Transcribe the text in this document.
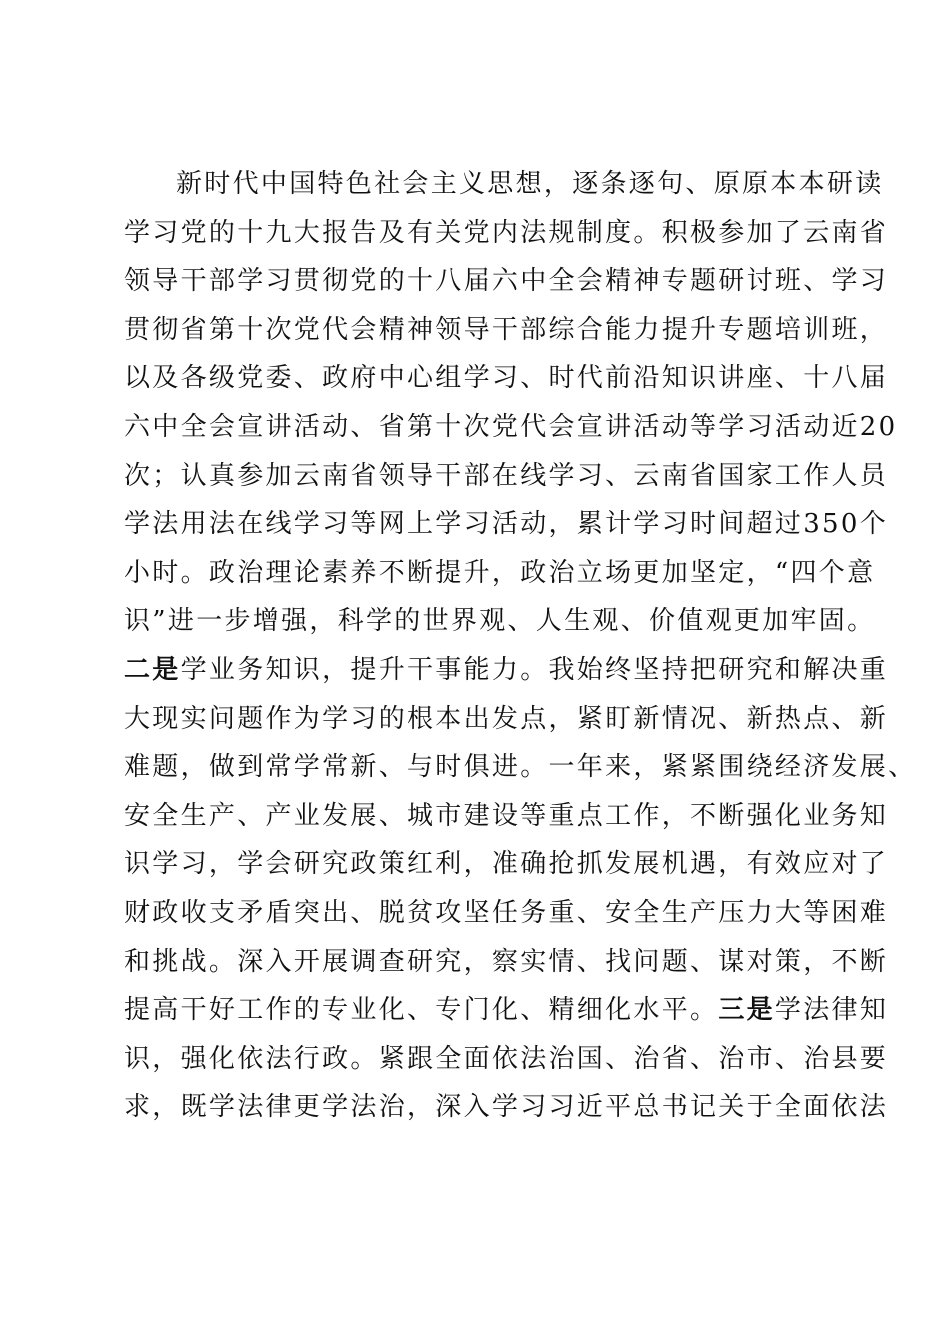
新时代中国特色社会主义思想，逐条逐句、原原本本研读
学习党的十九大报告及有关党内法规制度。积极参加了云南省
领导干部学习贯彻党的十八届六中全会精神专题研讨班、学习
贯彻省第十次党代会精神领导干部综合能力提升专题培训班，
以及各级党委、政府中心组学习、时代前沿知识讲座、十八届
六中全会宣讲活动、省第十次党代会宣讲活动等学习活动近20
次；认真参加云南省领导干部在线学习、云南省国家工作人员
学法用法在线学习等网上学习活动，累计学习时间超过350个
小时。政治理论素养不断提升，政治立场更加坚定，“四个意
识”进一步增强，科学的世界观、人生观、价值观更加牢固。
二是学业务知识，提升干事能力。我始终坚持把研究和解决重
大现实问题作为学习的根本出发点，紧盯新情况、新热点、新
难题，做到常学常新、与时俱进。一年来，紧紧围绕经济发展、
安全生产、产业发展、城市建设等重点工作，不断强化业务知
识学习，学会研究政策红利，准确抢抓发展机遇，有效应对了
财政收支矛盾突出、脱贫攻坚任务重、安全生产压力大等困难
和挑战。深入开展调查研究，察实情、找问题、谋对策，不断
提高干好工作的专业化、专门化、精细化水平。三是学法律知
识，强化依法行政。紧跟全面依法治国、治省、治市、治县要
求，既学法律更学法治，深入学习习近平总书记关于全面依法
